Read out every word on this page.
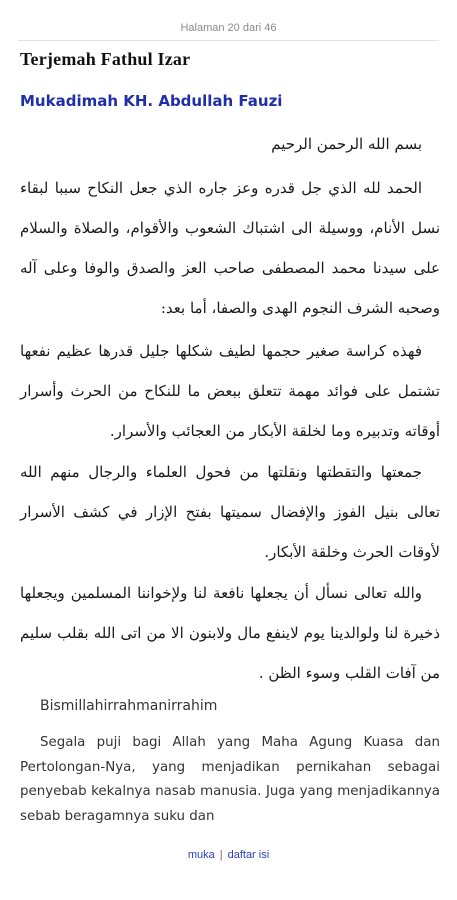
Halaman 20 dari 46
Terjemah Fathul Izar
Mukadimah KH. Abdullah Fauzi

بسم الله الرحمن الرحيم

الحمد لله الذي جل قدره وعز جاره الذي جعل النكاح سببا لبقاء نسل الأنام، ووسيلة الى اشتباك الشعوب والأقوام، والصلاة والسلام على سيدنا محمد المصطفى صاحب العز والصدق والوفا وعلى آله وصحبه الشرف النجوم الهدى والصفا، أما بعد:

فهذه كراسة صغير حجمها لطيف شكلها جليل قدرها عظيم نفعها تشتمل على فوائد مهمة تتعلق ببعض ما للنكاح من الحرث وأسرار أوقاته وتدبيره وما لخلقة الأبكار من العجائب والأسرار.

جمعتها والتقطتها ونقلتها من فحول العلماء والرجال منهم الله تعالى بنيل الفوز والإفضال سميتها بفتح الإزار في كشف الأسرار لأوقات الحرث وخلقة الأبكار.

والله تعالى نسأل أن يجعلها نافعة لنا ولإخواننا المسلمين ويجعلها ذخيرة لنا ولوالدينا يوم لاينفع مال ولابنون الا من اتى الله بقلب سليم من آفات القلب وسوء الظن .

Bismillahirrahmanirrahim

Segala puji bagi Allah yang Maha Agung Kuasa dan Pertolongan-Nya, yang menjadikan pernikahan sebagai penyebab kekalnya nasab manusia. Juga yang menjadikannya sebab beragamnya suku dan

muka | daftar isi
